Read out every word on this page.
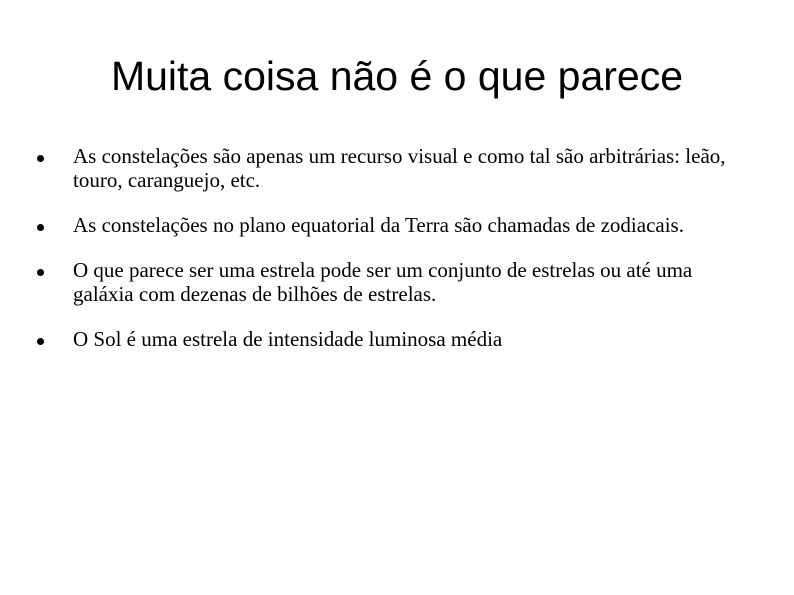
Muita coisa não é o que parece
As constelações são apenas um recurso visual e como tal são arbitrárias: leão, touro, caranguejo, etc.
As constelações no plano equatorial da Terra são chamadas de zodiacais.
O que parece ser uma estrela pode ser um conjunto de estrelas ou até uma galáxia com dezenas de bilhões de estrelas.
O Sol é uma estrela de intensidade luminosa média
